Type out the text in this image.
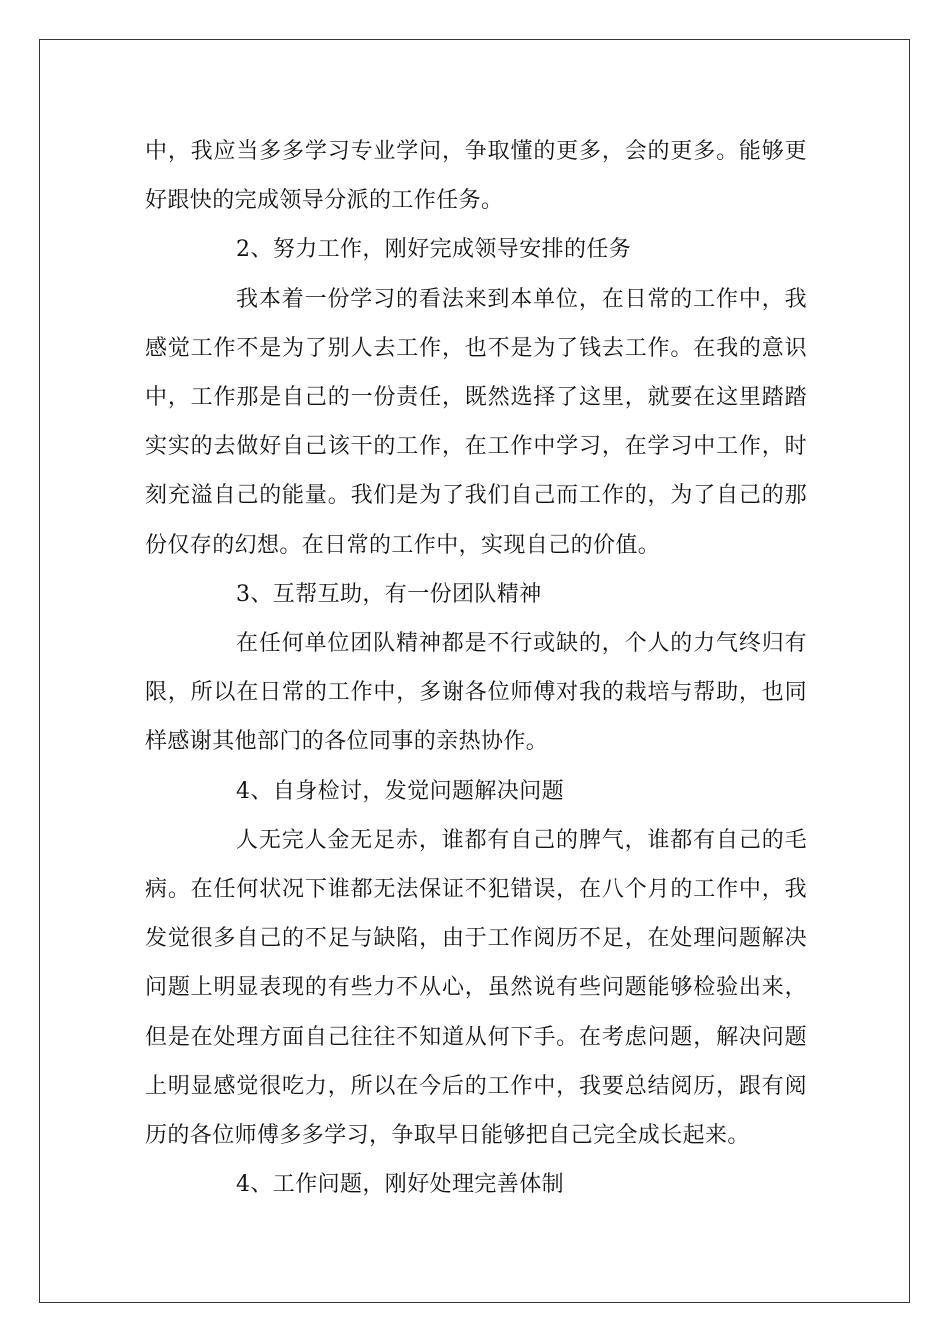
中，我应当多多学习专业学问，争取懂的更多，会的更多。能够更好跟快的完成领导分派的工作任务。

2、努力工作，刚好完成领导安排的任务

我本着一份学习的看法来到本单位，在日常的工作中，我感觉工作不是为了别人去工作，也不是为了钱去工作。在我的意识中，工作那是自己的一份责任，既然选择了这里，就要在这里踏踏实实的去做好自己该干的工作，在工作中学习，在学习中工作，时刻充溢自己的能量。我们是为了我们自己而工作的，为了自己的那份仅存的幻想。在日常的工作中，实现自己的价值。

3、互帮互助，有一份团队精神

在任何单位团队精神都是不行或缺的，个人的力气终归有限，所以在日常的工作中，多谢各位师傅对我的栽培与帮助，也同样感谢其他部门的各位同事的亲热协作。

4、自身检讨，发觉问题解决问题

人无完人金无足赤，谁都有自己的脾气，谁都有自己的毛病。在任何状况下谁都无法保证不犯错误，在八个月的工作中，我发觉很多自己的不足与缺陷，由于工作阅历不足，在处理问题解决问题上明显表现的有些力不从心，虽然说有些问题能够检验出来，但是在处理方面自己往往不知道从何下手。在考虑问题，解决问题上明显感觉很吃力，所以在今后的工作中，我要总结阅历，跟有阅历的各位师傅多多学习，争取早日能够把自己完全成长起来。

4、工作问题，刚好处理完善体制
